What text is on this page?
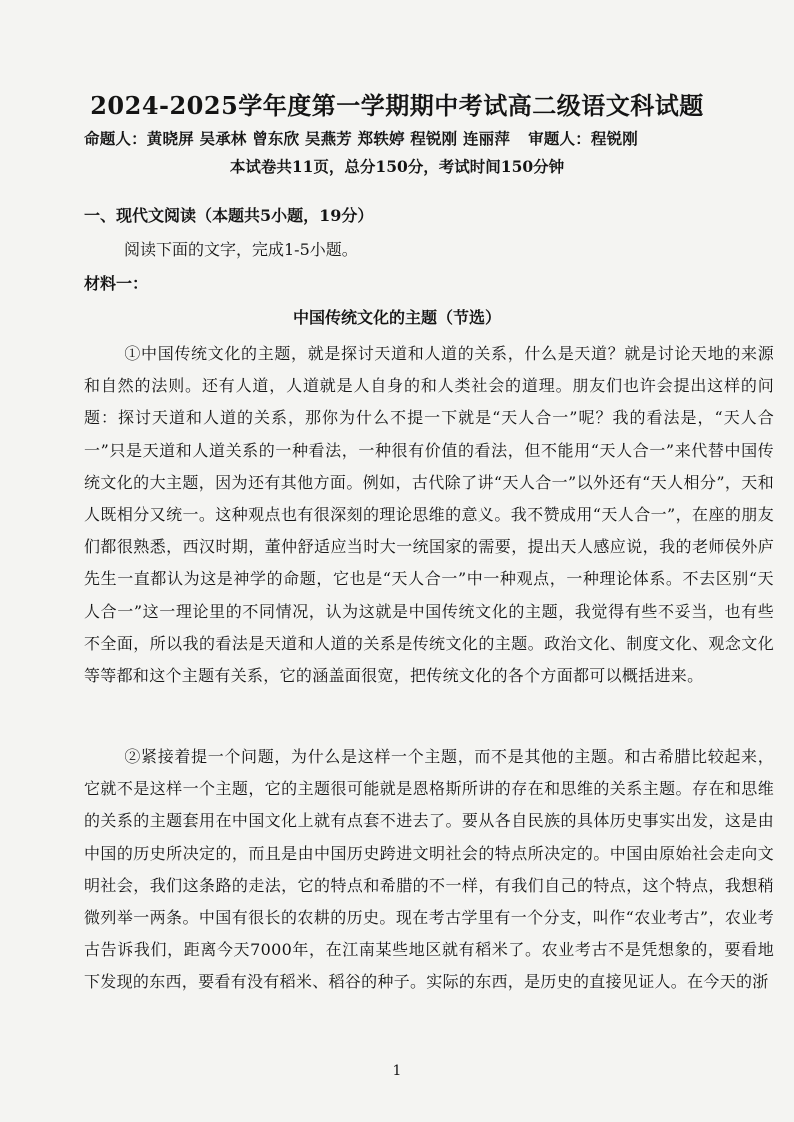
2024-2025学年度第一学期期中考试高二级语文科试题
命题人：黄晓屏 吴承林 曾东欣 吴燕芳 郑轶婷 程锐刚 连丽萍 审题人：程锐刚
本试卷共11页，总分150分，考试时间150分钟
一、现代文阅读（本题共5小题，19分）
阅读下面的文字，完成1-5小题。
材料一：
中国传统文化的主题（节选）
①中国传统文化的主题，就是探讨天道和人道的关系，什么是天道？就是讨论天地的来源和自然的法则。还有人道，人道就是人自身的和人类社会的道理。朋友们也许会提出这样的问题：探讨天道和人道的关系，那你为什么不提一下就是“天人合一”呢？我的看法是，“天人合一”只是天道和人道关系的一种看法，一种很有价值的看法，但不能用“天人合一”来代替中国传统文化的大主题，因为还有其他方面。例如，古代除了讲“天人合一”以外还有“天人相分”，天和人既相分又统一。这种观点也有很深刻的理论思维的意义。我不赞成用“天人合一”，在座的朋友们都很熟悉，西汉时期，董仲舒适应当时大一统国家的需要，提出天人感应说，我的老师侯外庐先生一直都认为这是神学的命题，它也是“天人合一”中一种观点，一种理论体系。不去区别“天人合一”这一理论里的不同情况，认为这就是中国传统文化的主题，我觉得有些不妥当，也有些不全面，所以我的看法是天道和人道的关系是传统文化的主题。政治文化、制度文化、观念文化等等都和这个主题有关系，它的涵盖面很宽，把传统文化的各个方面都可以概括进来。
②紧接着提一个问题，为什么是这样一个主题，而不是其他的主题。和古希腊比较起来，它就不是这样一个主题，它的主题很可能就是恩格斯所讲的存在和思维的关系主题。存在和思维的关系的主题套用在中国文化上就有点套不进去了。要从各自民族的具体历史事实出发，这是由中国的历史所决定的，而且是由中国历史跨进文明社会的特点所决定的。中国由原始社会走向文明社会，我们这条路的走法，它的特点和希腊的不一样，有我们自己的特点，这个特点，我想稍微列举一两条。中国有很长的农耕的历史。现在考古学里有一个分支，叫作“农业考古”，农业考古告诉我们，距离今天7000年，在江南某些地区就有稻米了。农业考古不是凭想象的，要看地下发现的东西，要看有没有稻米、稻谷的种子。实际的东西，是历史的直接见证人。在今天的浙
1
